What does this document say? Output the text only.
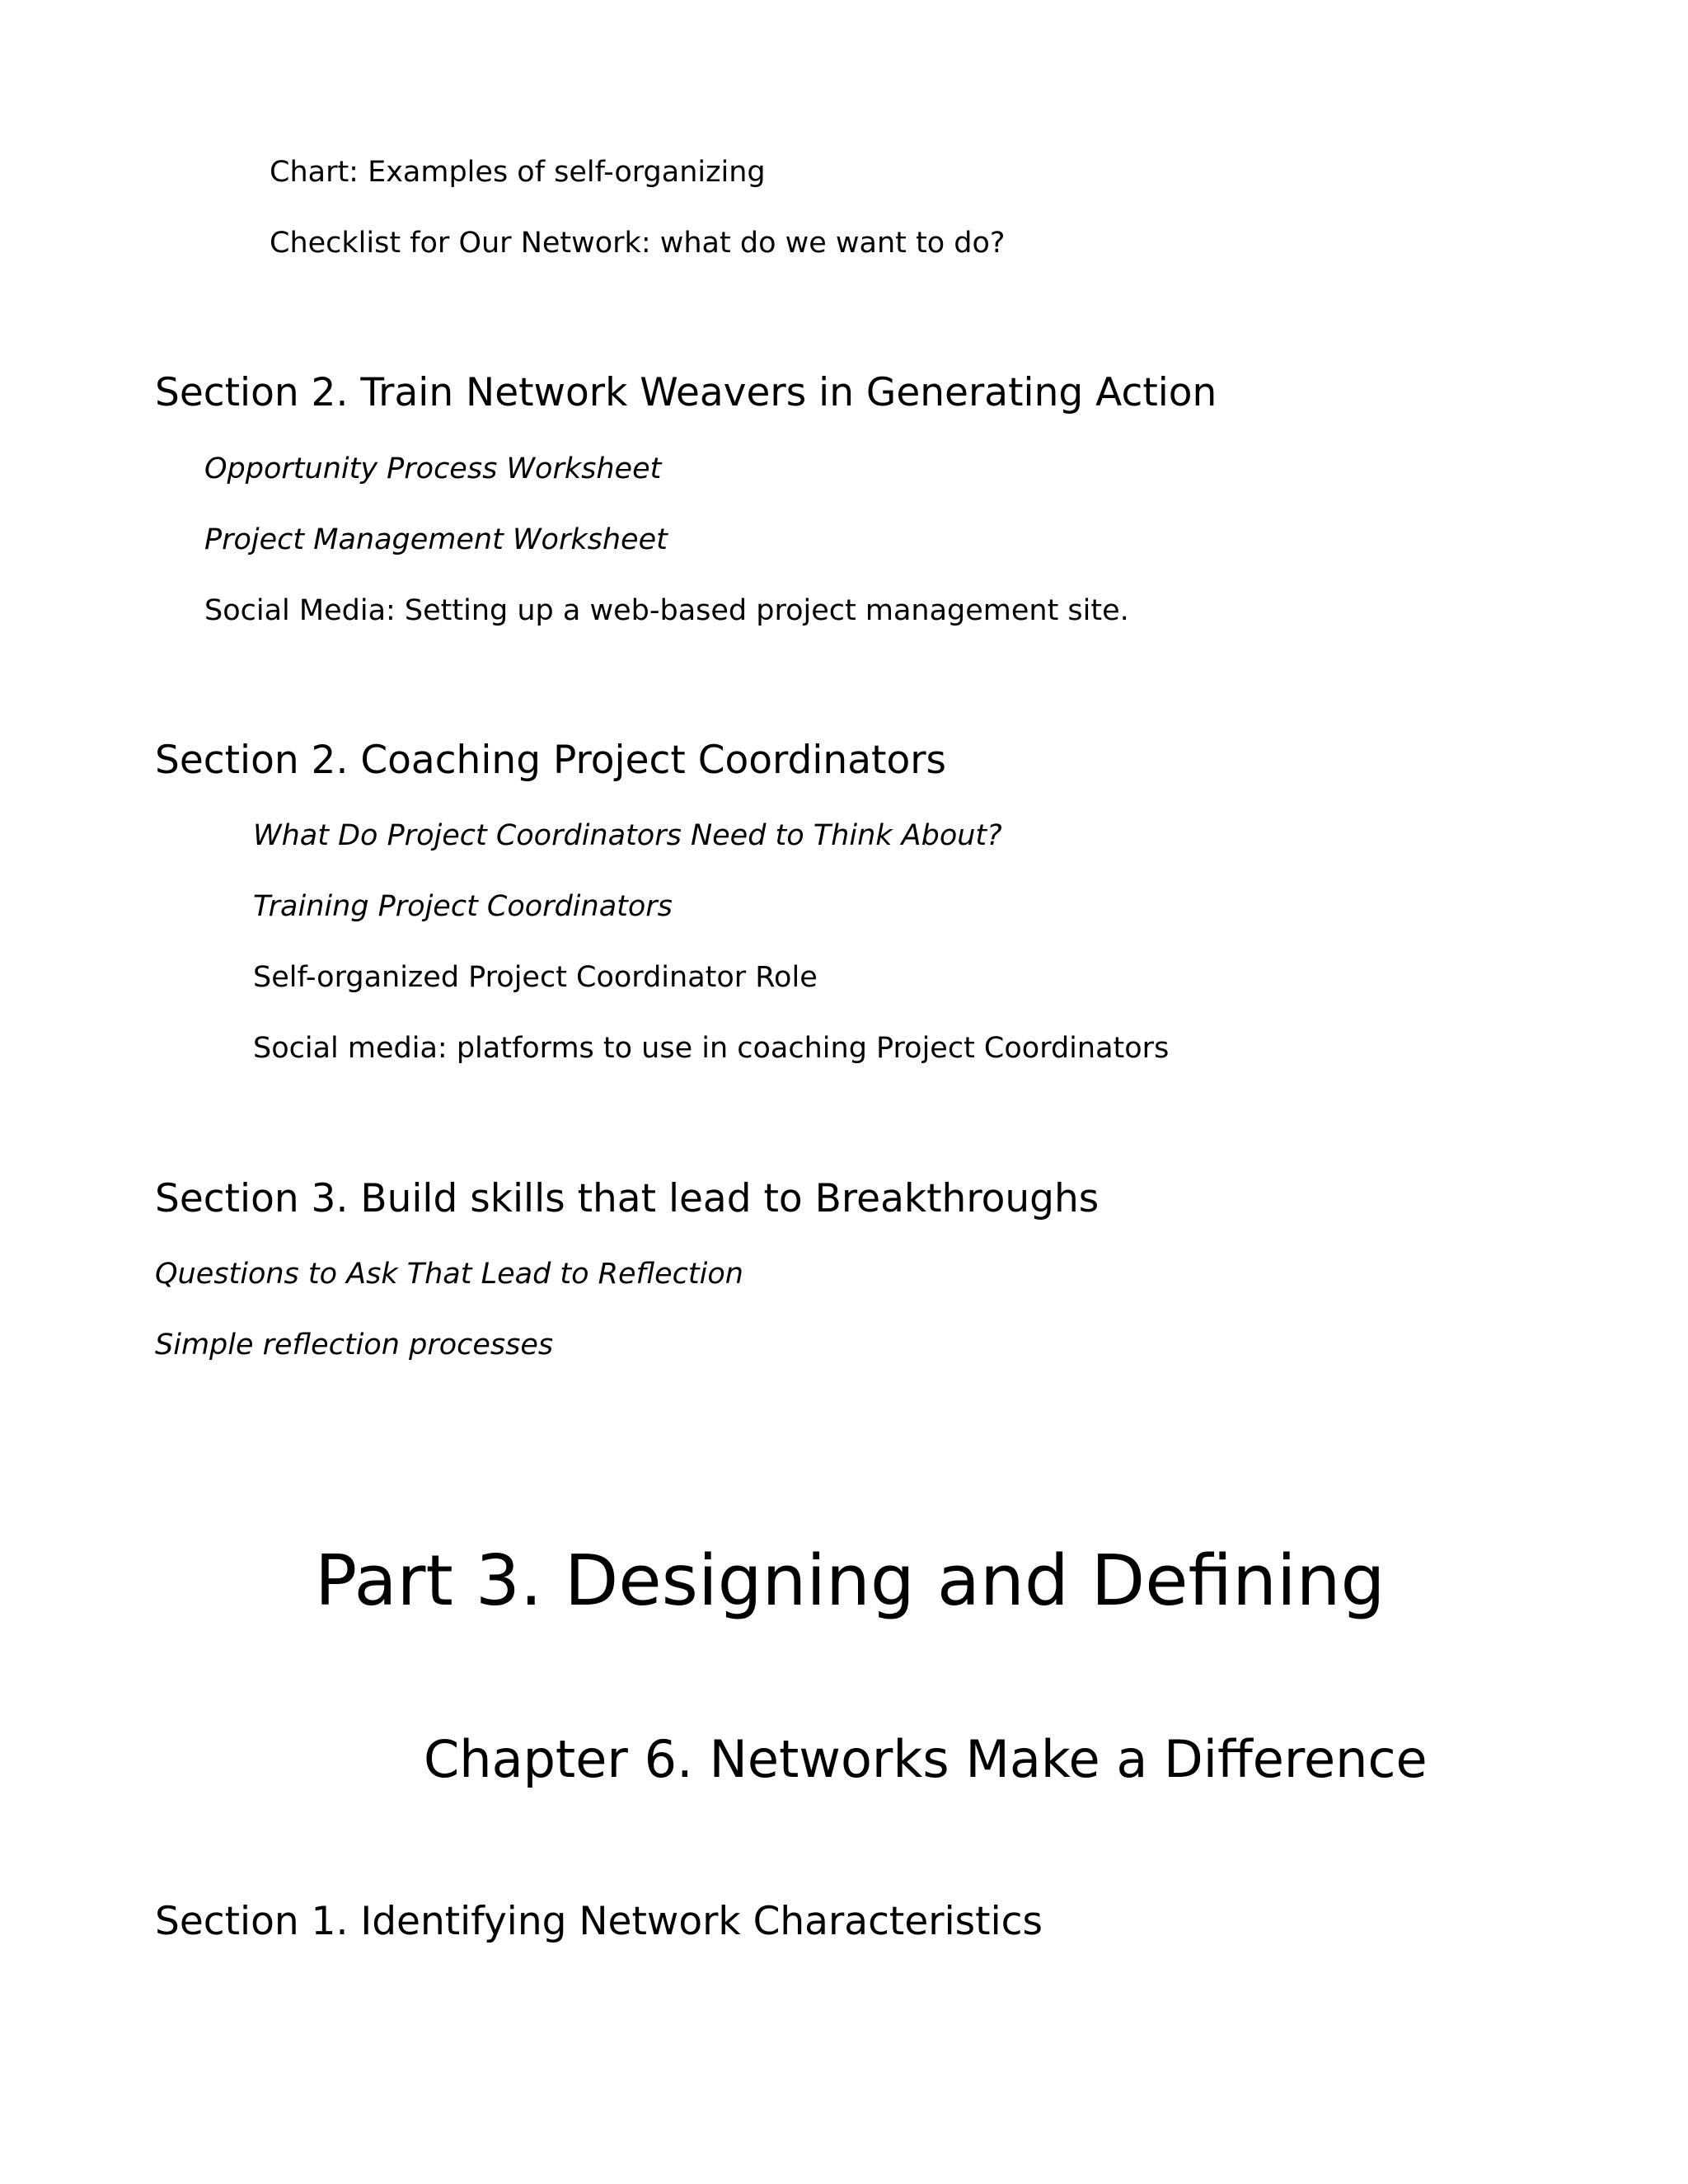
Chart: Examples of self-organizing
Checklist for Our Network: what do we want to do?
Section 2. Train Network Weavers in Generating Action
Opportunity Process Worksheet
Project Management Worksheet
Social Media: Setting up a web-based project management site.
Section 2. Coaching Project Coordinators
What Do Project Coordinators Need to Think About?
Training Project Coordinators
Self-organized Project Coordinator Role
Social media: platforms to use in coaching Project Coordinators
Section 3. Build skills that lead to Breakthroughs
Questions to Ask That Lead to Reflection
Simple reflection processes
Part 3. Designing and Defining
Chapter 6. Networks Make a Difference
Section 1. Identifying Network Characteristics
